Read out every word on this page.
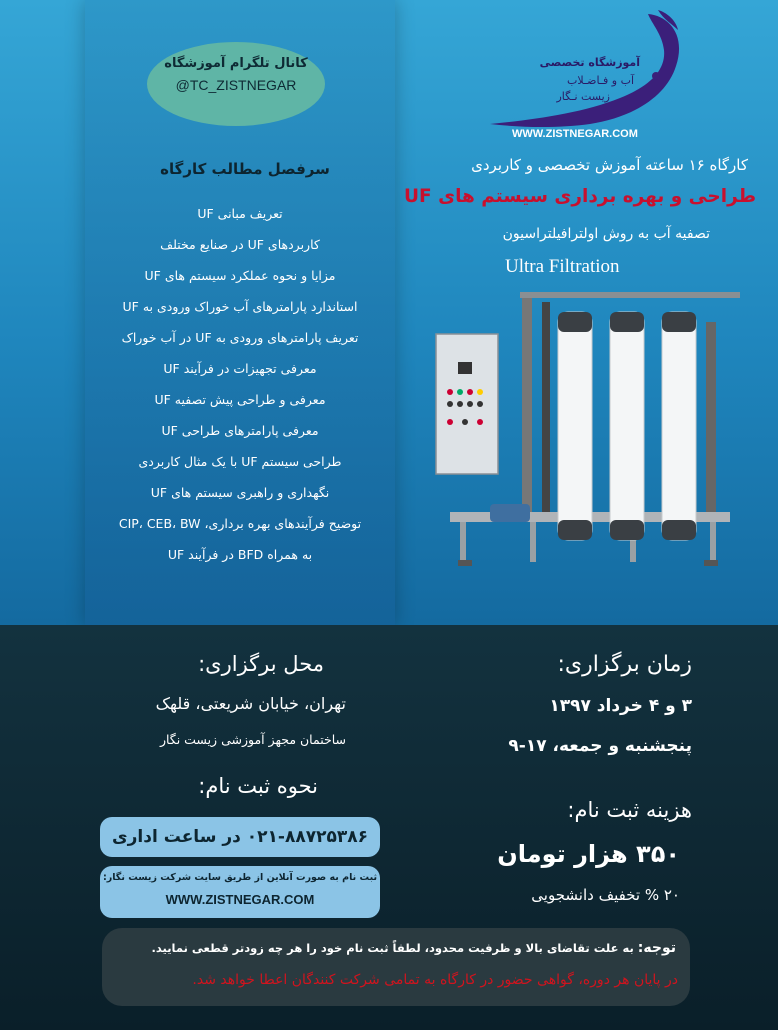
کانال تلگرام آموزشگاه
@TC_ZISTNEGAR
سرفصل مطالب کارگاه
تعریف مبانی UF
کاربردهای UF در صنایع مختلف
مزایا و نحوه عملکرد سیستم های UF
استاندارد پارامترهای آب خوراک ورودی به UF
تعریف پارامترهای ورودی به UF در آب خوراک
معرفی تجهیزات در فرآیند UF
معرفی و طراحی پیش تصفیه UF
معرفی پارامترهای طراحی UF
طراحی سیستم UF با یک مثال کاربردی
نگهداری و راهبری سیستم های UF
توضیح فرآیندهای بهره برداری، CIP، CEB، BW
به همراه BFD در فرآیند UF
آموزشگاه تخصصی
آب و فـاضـلاب
زیست نـگار
WWW.ZISTNEGAR.COM
کارگاه ۱۶ ساعته آموزش تخصصی و کاربردی
طراحی و بهره برداری سیستم های UF
تصفیه آب به روش اولترافیلتراسیون
Ultra Filtration
محل برگزاری:
تهران، خیابان شریعتی، قلهک
ساختمان مجهز آموزشی زیست نگار
نحوه ثبت نام:
۰۲۱-۸۸۷۲۵۳۸۶ در ساعت اداری
ثبت نام به صورت آنلاین از طریق سایت شرکت زیست نگار:
WWW.ZISTNEGAR.COM
زمان برگزاری:
۳ و ۴ خرداد ۱۳۹۷
پنجشنبه و جمعه، ۱۷-۹
هزینه ثبت نام:
۳۵۰ هزار تومان
۲۰ % تخفیف دانشجویی
توجه: به علت تقاضای بالا و ظرفیت محدود، لطفاً ثبت نام خود را هر چه زودتر قطعی نمایید.
در پایان هر دوره، گواهی حضور در کارگاه به تمامی شرکت کنندگان اعطا خواهد شد.
